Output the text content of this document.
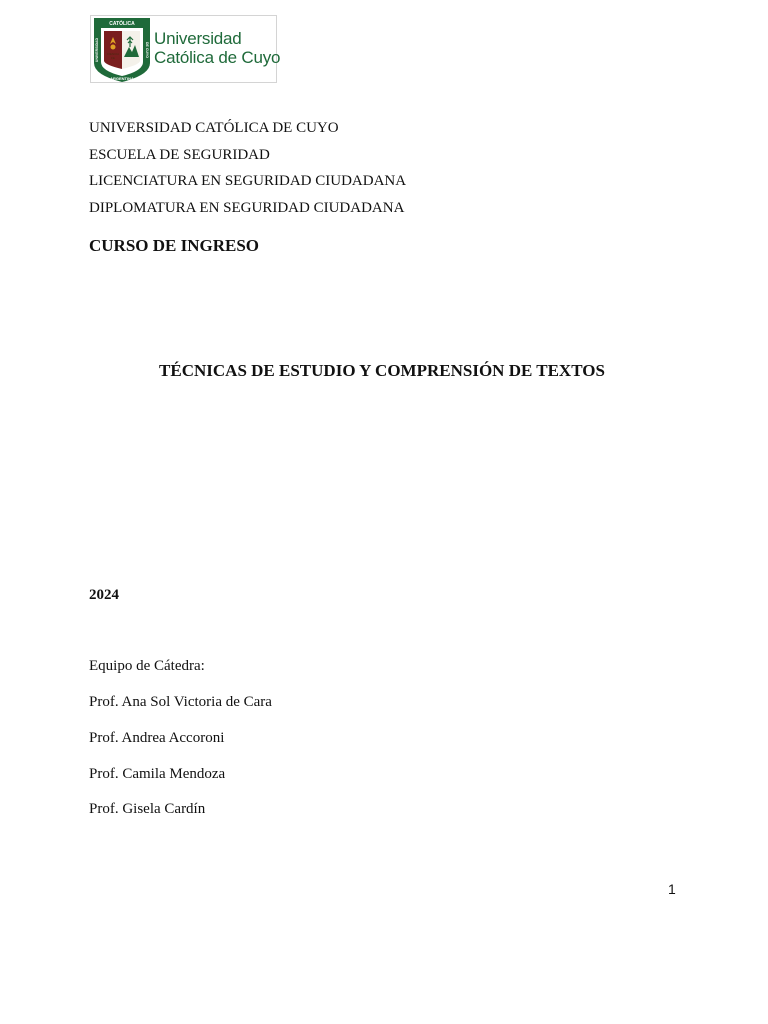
CIENCIA
FE
CATÓLICA
ARGENTINA
UNIVERSIDAD	DE CUYO
Universidad
Católica de Cuyo
UNIVERSIDAD CATÓLICA DE CUYO
ESCUELA DE SEGURIDAD
LICENCIATURA EN SEGURIDAD CIUDADANA
DIPLOMATURA EN SEGURIDAD CIUDADANA
CURSO DE INGRESO
TÉCNICAS DE ESTUDIO Y COMPRENSIÓN DE TEXTOS
2024
Equipo de Cátedra:
Prof. Ana Sol Victoria de Cara
Prof. Andrea Accoroni
Prof. Camila Mendoza
Prof. Gisela Cardín
1
